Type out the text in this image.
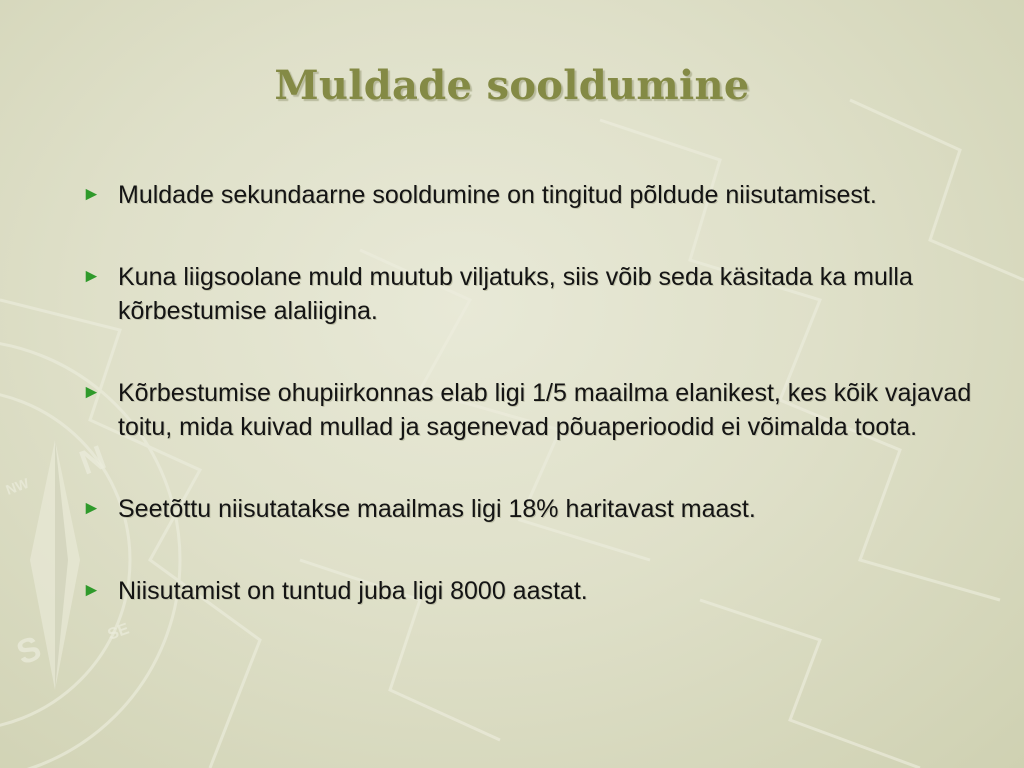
N
S	SE
NW
Muldade sooldumine
► Muldade sekundaarne sooldumine on tingitud põldude niisutamisest.
► Kuna liigsoolane muld muutub viljatuks, siis võib seda käsitada ka mulla kõrbestumise alaliigina.
► Kõrbestumise ohupiirkonnas elab ligi 1/5 maailma elanikest, kes kõik vajavad toitu, mida kuivad mullad ja sagenevad põuaperioodid ei võimalda toota.
► Seetõttu niisutatakse maailmas ligi 18% haritavast maast.
► Niisutamist on tuntud juba ligi 8000 aastat.
